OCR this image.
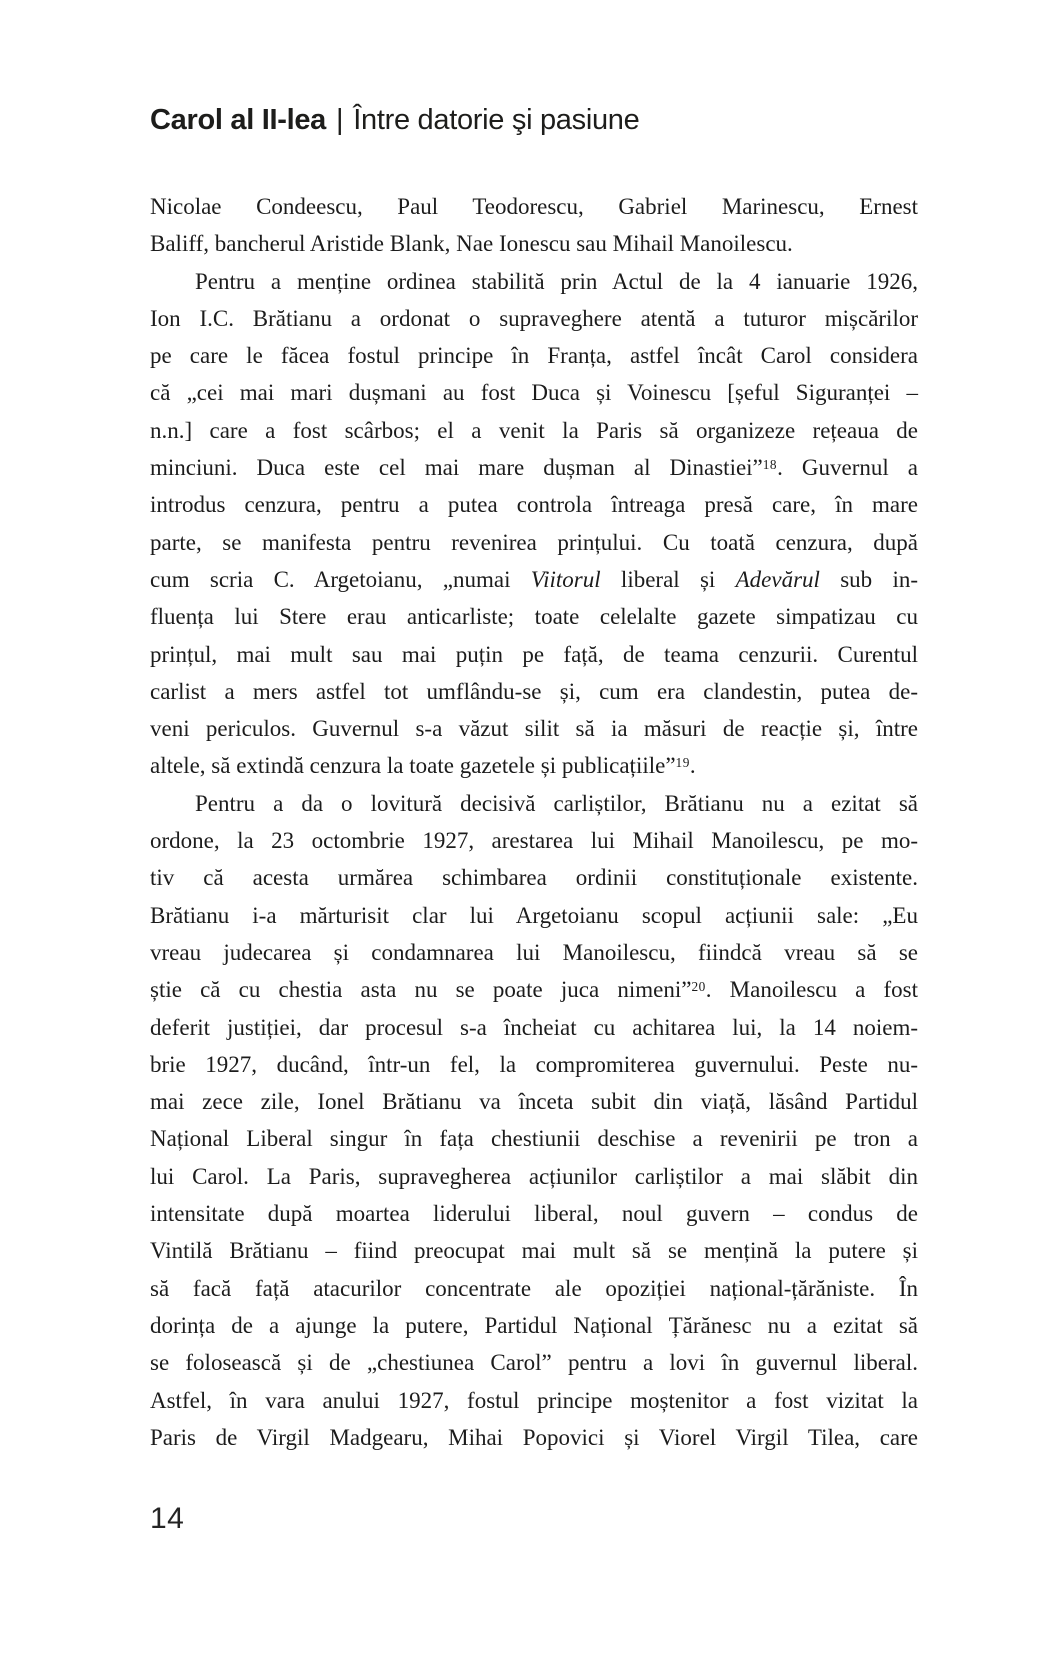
Carol al II-lea | Între datorie şi pasiune
Nicolae Condeescu, Paul Teodorescu, Gabriel Marinescu, Ernest
Baliff, bancherul Aristide Blank, Nae Ionescu sau Mihail Manoilescu.
Pentru a menține ordinea stabilită prin Actul de la 4 ianuarie 1926,
Ion I.C. Brătianu a ordonat o supraveghere atentă a tuturor mișcărilor
pe care le făcea fostul principe în Franța, astfel încât Carol considera
că „cei mai mari dușmani au fost Duca și Voinescu [șeful Siguranței –
n.n.] care a fost scârbos; el a venit la Paris să organizeze rețeaua de
minciuni. Duca este cel mai mare dușman al Dinastiei”$^{18}$. Guvernul a
introdus cenzura, pentru a putea controla întreaga presă care, în mare
parte, se manifesta pentru revenirea prințului. Cu toată cenzura, după
cum scria C. Argetoianu, „numai Viitorul liberal și Adevărul sub in-
fluența lui Stere erau anticarliste; toate celelalte gazete simpatizau cu
prințul, mai mult sau mai puțin pe față, de teama cenzurii. Curentul
carlist a mers astfel tot umflându-se și, cum era clandestin, putea de-
veni periculos. Guvernul s-a văzut silit să ia măsuri de reacție și, între
altele, să extindă cenzura la toate gazetele și publicațiile”$^{19}$.
Pentru a da o lovitură decisivă carliștilor, Brătianu nu a ezitat să
ordone, la 23 octombrie 1927, arestarea lui Mihail Manoilescu, pe mo-
tiv că acesta urmărea schimbarea ordinii constituționale existente.
Brătianu i-a mărturisit clar lui Argetoianu scopul acțiunii sale: „Eu
vreau judecarea și condamnarea lui Manoilescu, fiindcă vreau să se
știe că cu chestia asta nu se poate juca nimeni”$^{20}$. Manoilescu a fost
deferit justiției, dar procesul s-a încheiat cu achitarea lui, la 14 noiem-
brie 1927, ducând, într-un fel, la compromiterea guvernului. Peste nu-
mai zece zile, Ionel Brătianu va înceta subit din viață, lăsând Partidul
Național Liberal singur în fața chestiunii deschise a revenirii pe tron a
lui Carol. La Paris, supravegherea acțiunilor carliștilor a mai slăbit din
intensitate după moartea liderului liberal, noul guvern – condus de
Vintilă Brătianu – fiind preocupat mai mult să se mențină la putere și
să facă față atacurilor concentrate ale opoziției național-țărăniste. În
dorința de a ajunge la putere, Partidul Național Țărănesc nu a ezitat să
se folosească și de „chestiunea Carol” pentru a lovi în guvernul liberal.
Astfel, în vara anului 1927, fostul principe moștenitor a fost vizitat la
Paris de Virgil Madgearu, Mihai Popovici și Viorel Virgil Tilea, care
14
